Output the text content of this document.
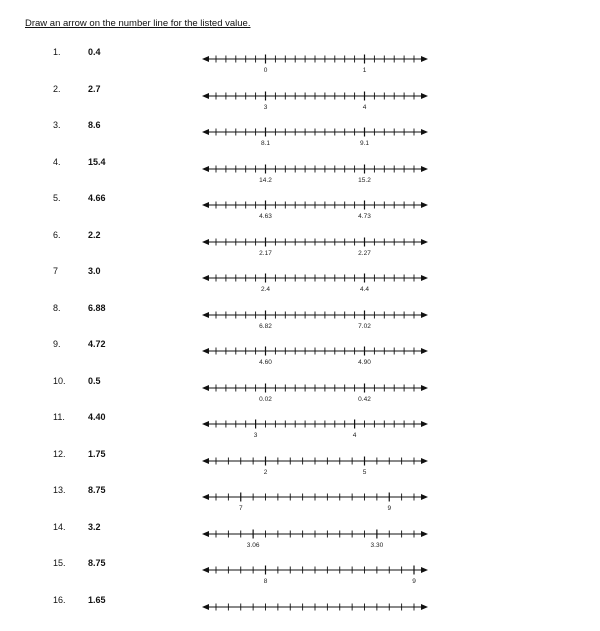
Draw an arrow on the number line for the listed value.
1.	0.4
0	1
2.	2.7
3	4
3.	8.6
8.1	9.1
4.	15.4
14.2	15.2
5.	4.66
4.63	4.73
6.	2.2
2.17	2.27
7	3.0
2.4	4.4
8.	6.88
6.82	7.02
9.	4.72
4.60	4.90
10. 0.5
0.02	0.42
11.	4.40
3	4
12. 1.75
2	5
13. 8.75
7	9
14. 3.2
3.06	3.30
15. 8.75
8	9
16. 1.65
